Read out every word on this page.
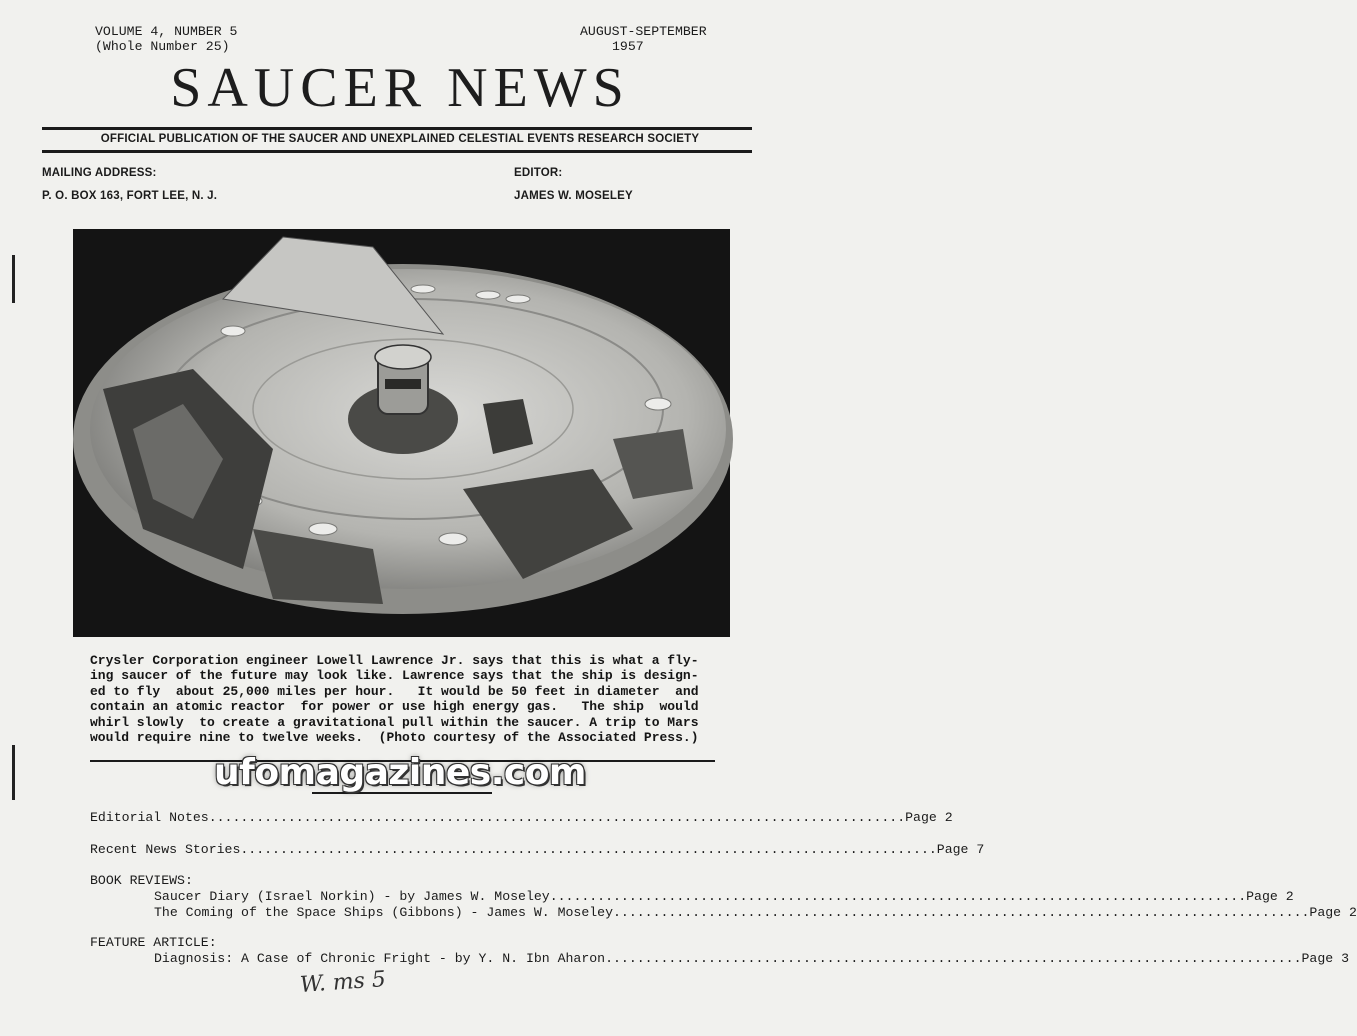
VOLUME 4, NUMBER 5
(Whole Number 25)
AUGUST-SEPTEMBER
1957
SAUCER NEWS
OFFICIAL PUBLICATION OF THE SAUCER AND UNEXPLAINED CELESTIAL EVENTS RESEARCH SOCIETY
MAILING ADDRESS:
P. O. BOX 163, FORT LEE, N. J.
EDITOR:
JAMES W. MOSELEY
Crysler Corporation engineer Lowell Lawrence Jr. says that this is what a fly-
ing saucer of the future may look like. Lawrence says that the ship is design-
ed to fly  about 25,000 miles per hour.   It would be 50 feet in diameter  and
contain an atomic reactor  for power or use high energy gas.   The ship  would
whirl slowly  to create a gravitational pull within the saucer. A trip to Mars
would require nine to twelve weeks.  (Photo courtesy of the Associated Press.)
ufomagazines.com
Editorial Notes ........................................................................................ Page 2
Recent News Stories ........................................................................................ Page 7
BOOK REVIEWS:
Saucer Diary (Israel Norkin) - by James W. Moseley ........................................................................................ Page 2
The Coming of the Space Ships (Gibbons) - James W. Moseley ........................................................................................ Page 2
FEATURE ARTICLE:
Diagnosis: A Case of Chronic Fright - by Y. N. Ibn Aharon ........................................................................................ Page 3
W. ms 5
